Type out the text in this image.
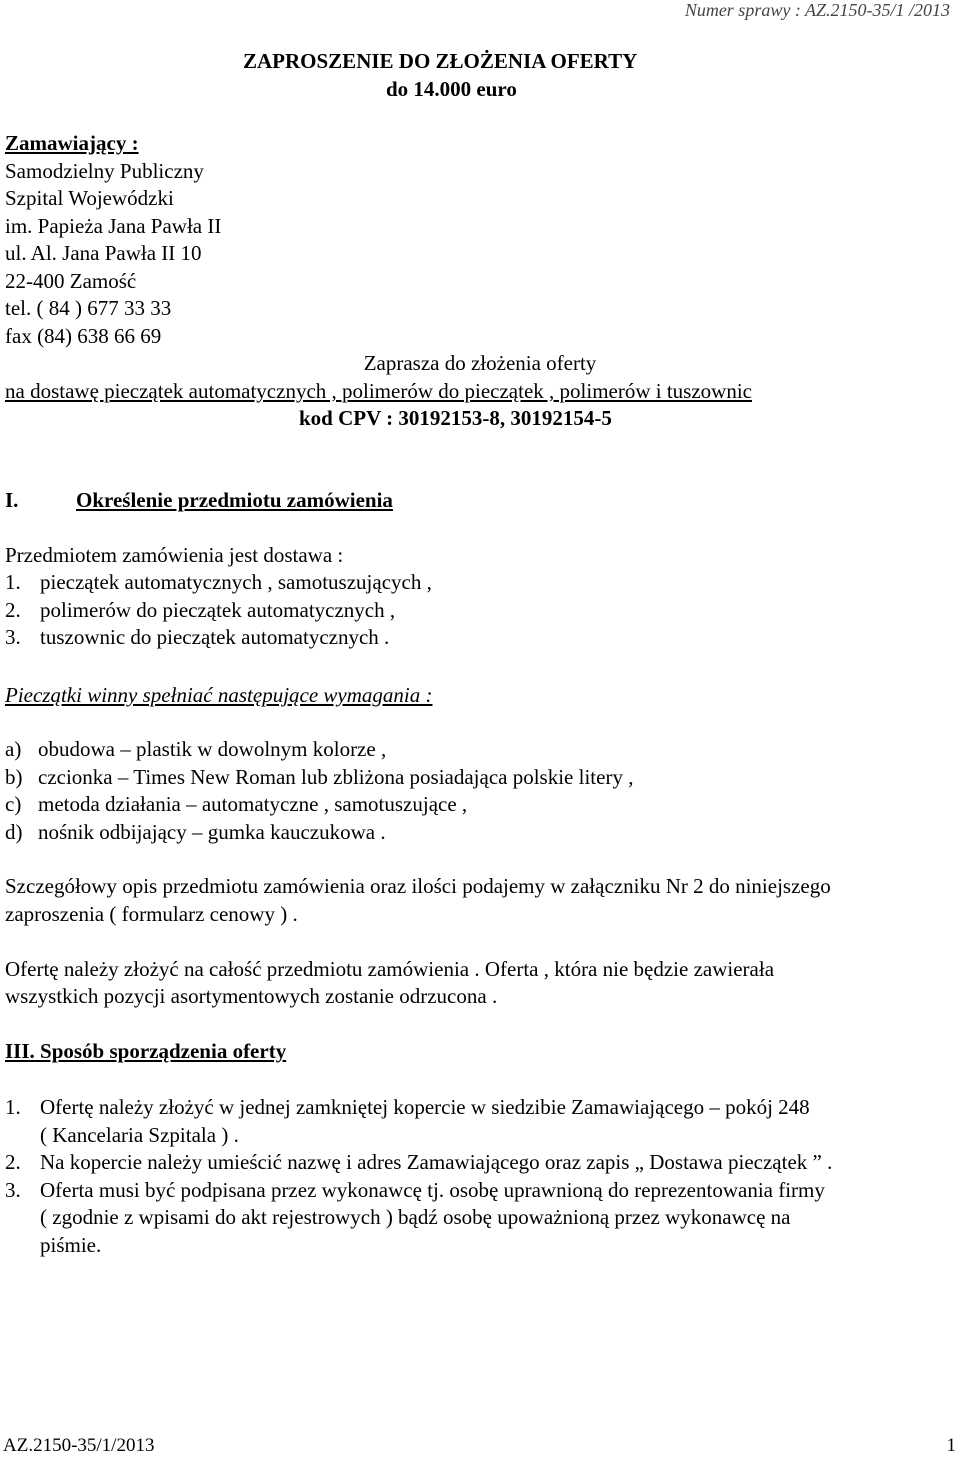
Numer sprawy : AZ.2150-35/1 /2013
ZAPROSZENIE DO ZŁOŻENIA OFERTY
do 14.000 euro
Zamawiający :
Samodzielny Publiczny
Szpital Wojewódzki
im. Papieża Jana Pawła II
ul. Al. Jana Pawła II 10
22-400 Zamość
tel. ( 84 ) 677 33 33
fax (84) 638 66 69
Zaprasza do złożenia oferty
na dostawę pieczątek automatycznych , polimerów do pieczątek , polimerów i tuszownic
kod CPV : 30192153-8, 30192154-5
I.	Określenie przedmiotu zamówienia
Przedmiotem zamówienia jest dostawa :
1. pieczątek automatycznych , samotuszujących ,
2. polimerów do pieczątek automatycznych ,
3. tuszownic do pieczątek automatycznych .
Pieczątki winny spełniać następujące wymagania :
a) obudowa – plastik w dowolnym kolorze ,
b) czcionka – Times New Roman lub zbliżona posiadająca polskie litery ,
c) metoda działania – automatyczne , samotuszujące ,
d) nośnik odbijający – gumka kauczukowa .
Szczegółowy opis przedmiotu zamówienia oraz ilości podajemy w załączniku Nr 2 do niniejszego
zaproszenia ( formularz cenowy ) .
Ofertę należy złożyć na całość przedmiotu zamówienia . Oferta , która nie będzie zawierała
wszystkich pozycji asortymentowych zostanie odrzucona .
III. Sposób sporządzenia oferty
1. Ofertę należy złożyć w jednej zamkniętej kopercie w siedzibie Zamawiającego – pokój 248
( Kancelaria Szpitala ) .
2. Na kopercie należy umieścić nazwę i adres Zamawiającego oraz zapis „ Dostawa pieczątek ” .
3. Oferta musi być podpisana przez wykonawcę tj. osobę uprawnioną do reprezentowania firmy
( zgodnie z wpisami do akt rejestrowych ) bądź osobę upoważnioną przez wykonawcę na
piśmie.
AZ.2150-35/1/2013	1
